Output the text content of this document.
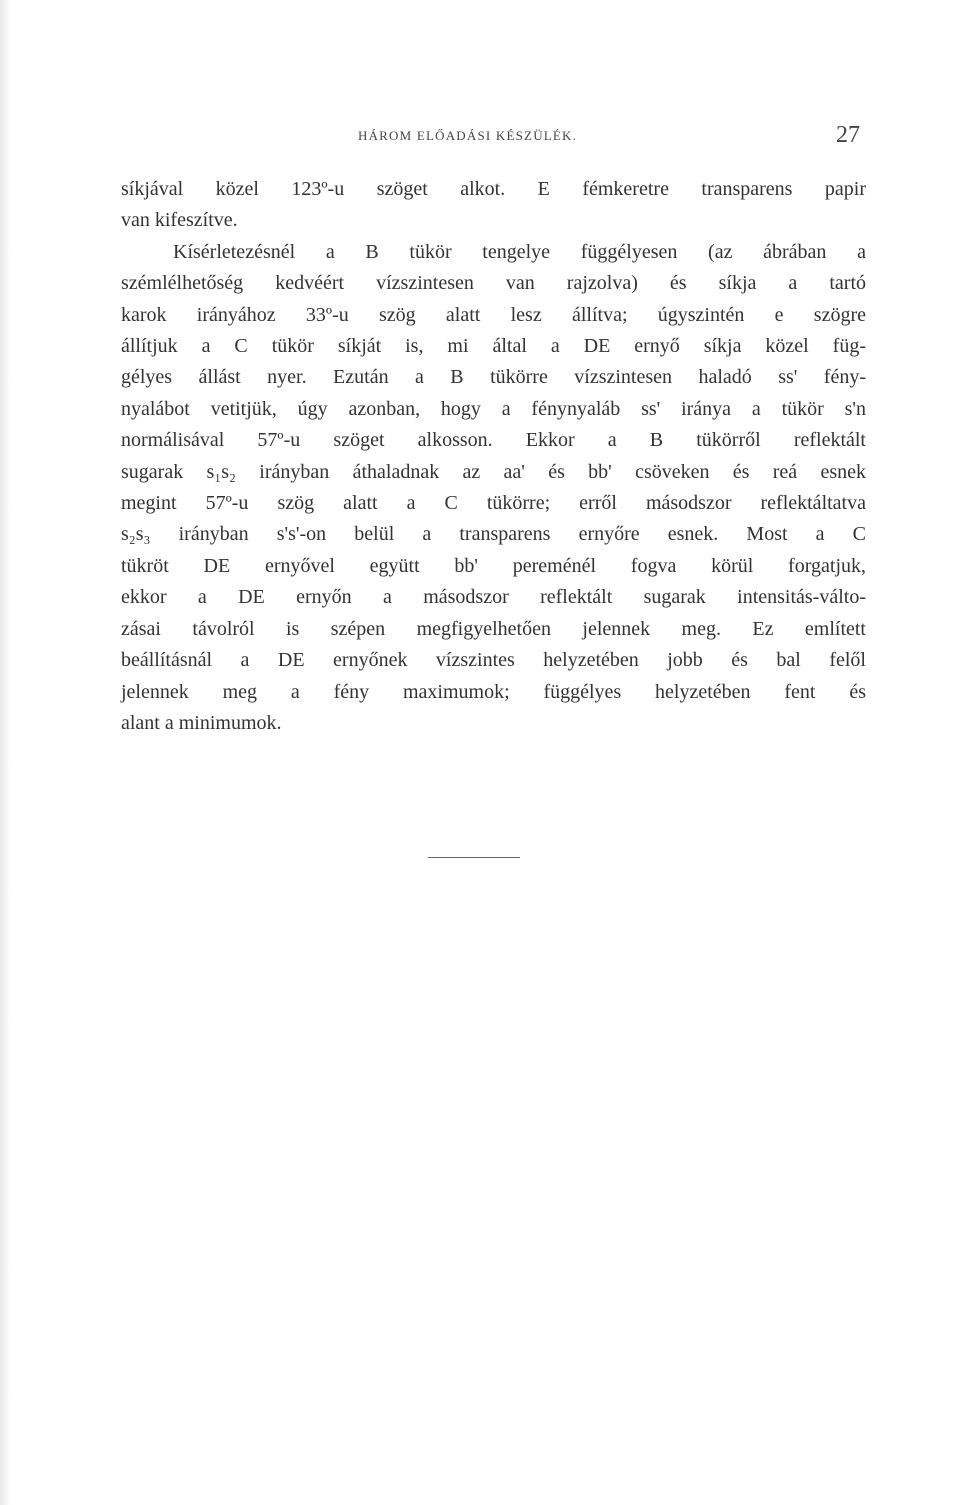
HÁROM ELŐADÁSI KÉSZÜLÉK.	27
síkjával közel 123º-u szöget alkot. E fémkeretre transparens papir
van kifeszítve.
Kísérletezésnél a B tükör tengelye függélyesen (az ábrában a
szémlélhetőség kedvéért vízszintesen van rajzolva) és síkja a tartó
karok irányához 33º-u szög alatt lesz állítva; úgyszintén e szögre
állítjuk a C tükör síkját is, mi által a DE ernyő síkja közel füg-
gélyes állást nyer. Ezután a B tükörre vízszintesen haladó ss' fény-
nyalábot vetitjük, úgy azonban, hogy a fénynyaláb ss' iránya a tükör s'n
normálisával 57º-u szöget alkosson. Ekkor a B tükörről reflektált
sugarak s₁s₂ irányban áthaladnak az aa' és bb' csöveken és reá esnek
megint 57º-u szög alatt a C tükörre; erről másodszor reflektáltatva
s₂s₃ irányban s's'-on belül a transparens ernyőre esnek. Most a C
tükröt DE ernyővel együtt bb' pereménél fogva körül forgatjuk,
ekkor a DE ernyőn a másodszor reflektált sugarak intensitás-válto-
zásai távolról is szépen megfigyelhetően jelennek meg. Ez említett
beállításnál a DE ernyőnek vízszintes helyzetében jobb és bal felől
jelennek meg a fény maximumok; függélyes helyzetében fent és
alant a minimumok.
